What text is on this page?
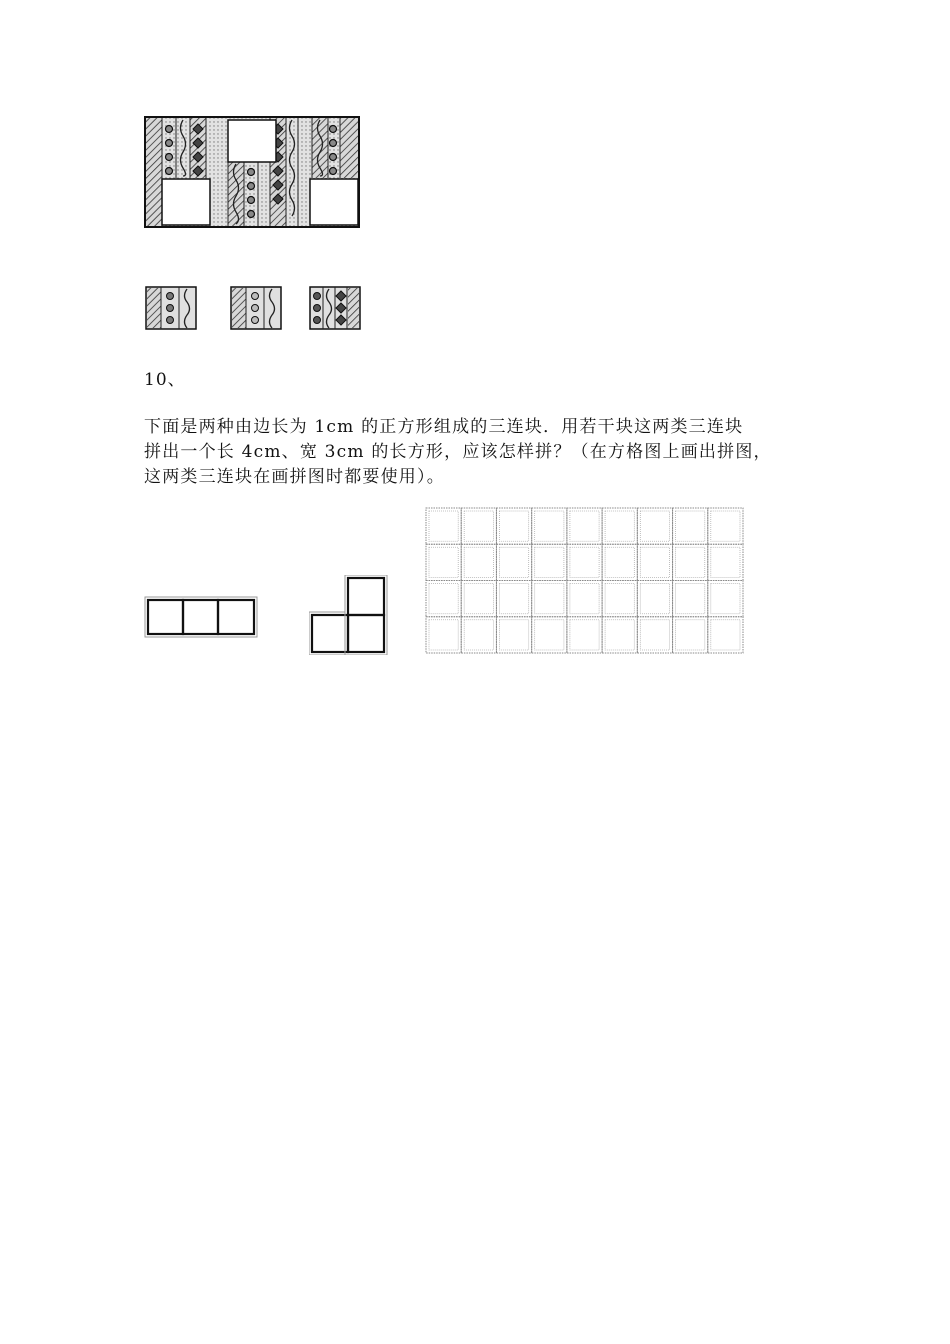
10、
下面是两种由边长为 1cm 的正方形组成的三连块．用若干块这两类三连块
拼出一个长 4cm、宽 3cm 的长方形，应该怎样拼？（在方格图上画出拼图，
这两类三连块在画拼图时都要使用）。
